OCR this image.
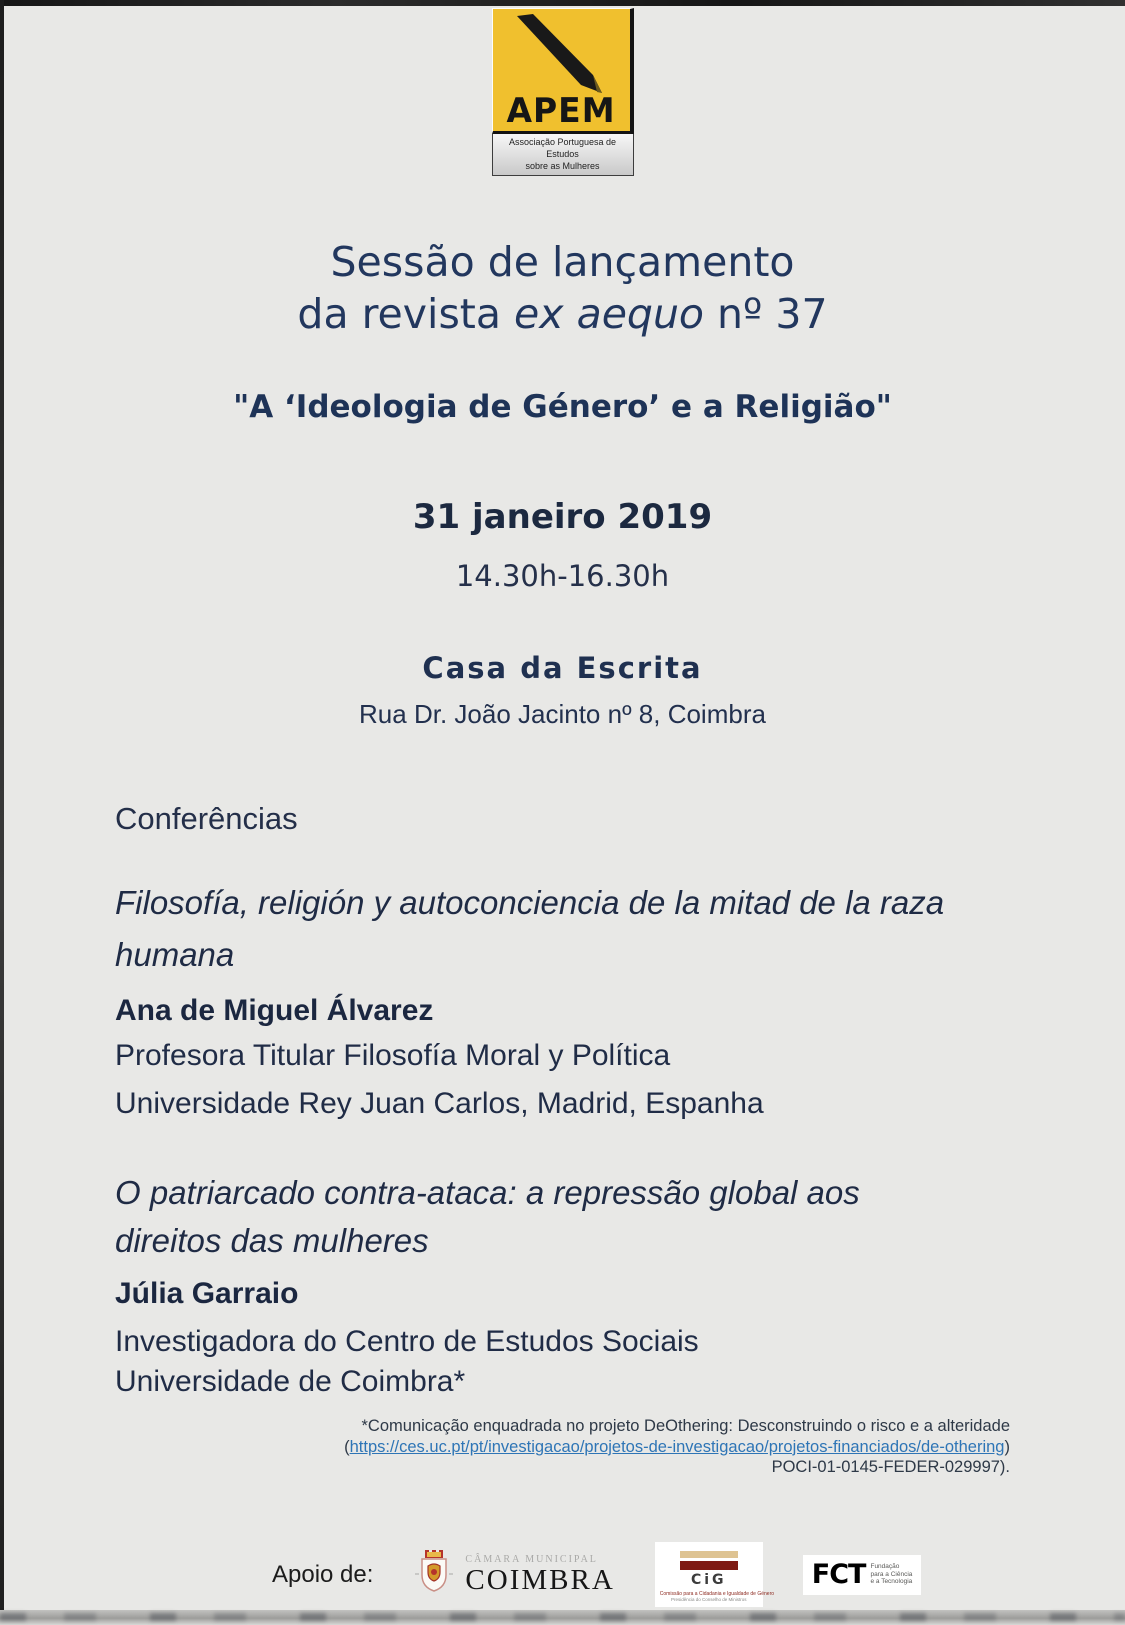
APEM
Associação Portuguesa de Estudos
sobre as Mulheres
Sessão de lançamento
da revista ex aequo nº 37
"A ‘Ideologia de Género’ e a Religião"
31 janeiro 2019
14.30h-16.30h
Casa da Escrita
Rua Dr. João Jacinto nº 8, Coimbra
Conferências
Filosofía, religión y autoconciencia de la mitad de la raza humana
Ana de Miguel Álvarez
Profesora Titular Filosofía Moral y Política
Universidade Rey Juan Carlos, Madrid, Espanha
O patriarcado contra-ataca: a repressão global aos direitos das mulheres
Júlia Garraio
Investigadora do Centro de Estudos Sociais
Universidade de Coimbra*
*Comunicação enquadrada no projeto DeOthering: Desconstruindo o risco e a alteridade
(https://ces.uc.pt/pt/investigacao/projetos-de-investigacao/projetos-financiados/de-othering)
POCI-01-0145-FEDER-029997).
Apoio de:
CÂMARA MUNICIPAL
COIMBRA	CiG
Comissão para a Cidadania e Igualdade de Género
Presidência do Conselho de Ministros
FCT Fundação
para a Ciência
e a Tecnologia
